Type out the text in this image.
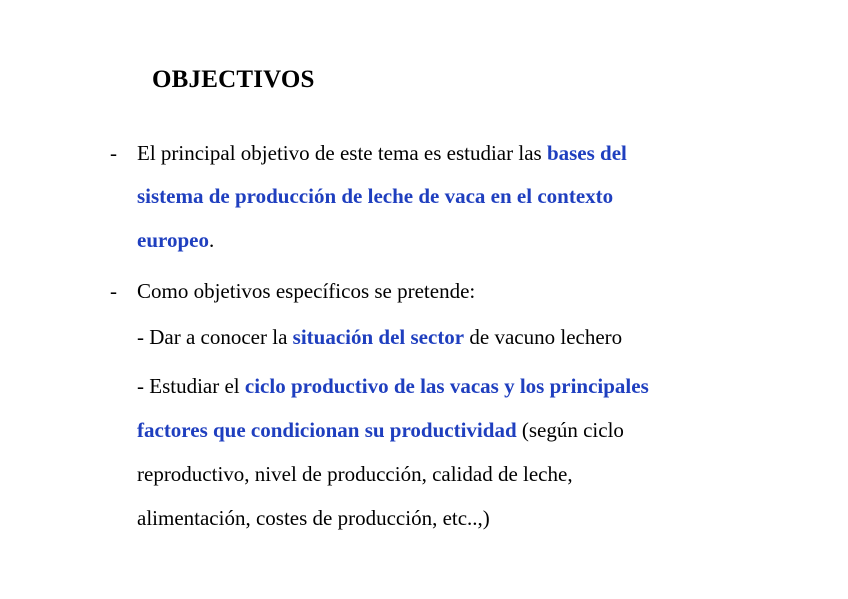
OBJECTIVOS
- El principal objetivo de este tema es estudiar las bases del
sistema de producción de leche de vaca en el contexto
europeo.
- Como objetivos específicos se pretende:
- Dar a conocer la situación del sector de vacuno lechero
- Estudiar el ciclo productivo de las vacas y los principales
factores que condicionan su productividad (según ciclo
reproductivo, nivel de producción, calidad de leche,
alimentación, costes de producción, etc..,)
